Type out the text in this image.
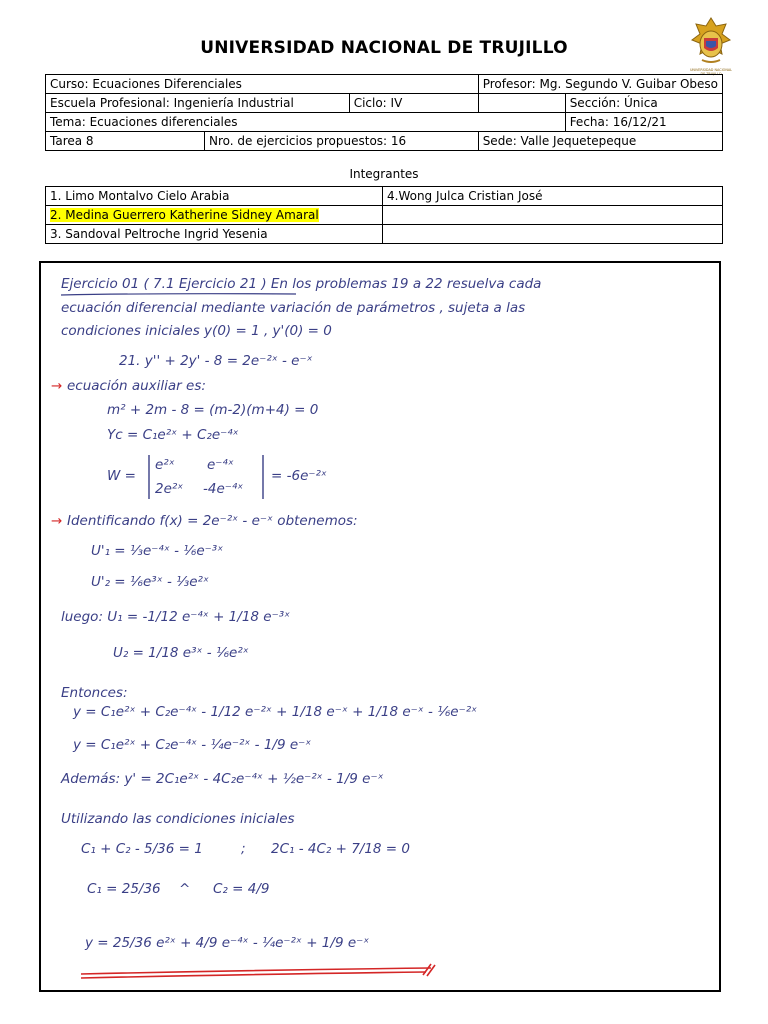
UNIVERSIDAD NACIONAL DE TRUJILLO
UNIVERSIDAD NACIONAL
DE TRUJILLO
Curso: Ecuaciones Diferenciales			Profesor: Mg. Segundo V. Guibar Obeso	
Escuela Profesional: Ingeniería Industrial		Ciclo: IV		Sección: Única
Tema: Ecuaciones diferenciales				Fecha: 16/12/21
Tarea 8	Nro. de ejercicios propuestos: 16		Sede: Valle Jequetepeque	
Integrantes
1. Limo Montalvo Cielo Arabia	4.Wong Julca Cristian José
2. Medina Guerrero Katherine Sidney Amaral	
3. Sandoval Peltroche Ingrid Yesenia	
Ejercicio 01 ( 7.1 Ejercicio 21 ) En los problemas 19 a 22 resuelva cada
ecuación diferencial mediante variación de parámetros , sujeta a las
condiciones iniciales y(0) = 1 , y'(0) = 0
21. y'' + 2y' - 8 = 2e⁻²ˣ - e⁻ˣ
→ ecuación auxiliar es:
m² + 2m - 8 = (m-2)(m+4) = 0
Yc = C₁e²ˣ + C₂e⁻⁴ˣ
W =
e²ˣ e⁻⁴ˣ
2e²ˣ -4e⁻⁴ˣ
= -6e⁻²ˣ
→ Identificando f(x) = 2e⁻²ˣ - e⁻ˣ obtenemos:
U'₁ = ⅓e⁻⁴ˣ - ⅙e⁻³ˣ
U'₂ = ⅙e³ˣ - ⅓e²ˣ
luego: U₁ = -1/12 e⁻⁴ˣ + 1/18 e⁻³ˣ
U₂ = 1/18 e³ˣ - ⅙e²ˣ
Entonces:
y = C₁e²ˣ + C₂e⁻⁴ˣ - 1/12 e⁻²ˣ + 1/18 e⁻ˣ + 1/18 e⁻ˣ - ⅙e⁻²ˣ
y = C₁e²ˣ + C₂e⁻⁴ˣ - ¼e⁻²ˣ - 1/9 e⁻ˣ
Además: y' = 2C₁e²ˣ - 4C₂e⁻⁴ˣ + ½e⁻²ˣ - 1/9 e⁻ˣ
Utilizando las condiciones iniciales
C₁ + C₂ - 5/36 = 1	; 2C₁ - 4C₂ + 7/18 = 0
C₁ = 25/36 ^ C₂ = 4/9
y = 25/36 e²ˣ + 4/9 e⁻⁴ˣ - ¼e⁻²ˣ + 1/9 e⁻ˣ
